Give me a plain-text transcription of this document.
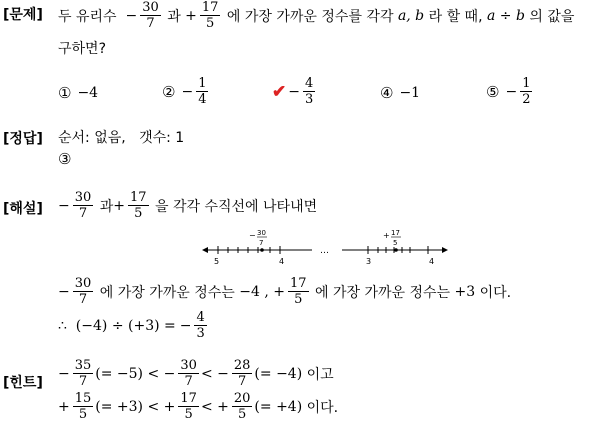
[문제] 두 유리수
− $\frac{30}{7}$
과
+ $\frac{17}{5}$
에 가장 가까운 정수를 각각
a, b
라 할 때,
a ÷ b
의 값을
구하면?
① −4	② − $\frac{1}{4}$	✔ − $\frac{4}{3}$	④ −1	⑤ − $\frac{1}{2}$
[정답] 순서: 없음,   갯수: 1
③
[해설] − $\frac{30}{7}$
과 + $\frac{17}{5}$
을 각각 수직선에 나타내면
5	4
− 30
7
…
3	4
+ 17
5
− $\frac{30}{7}$
에 가장 가까운 정수는
−4 ,
+ $\frac{17}{5}$
에 가장 가까운 정수는
+3
이다.
∴  (−4) ÷ (+3) = − $\frac{4}{3}$
[힌트]
− $\frac{35}{7}$ (= −5) <
− $\frac{30}{7}$ <
− $\frac{28}{7}$ (= −4)
이고
+ $\frac{15}{5}$ (= +3) <
+ $\frac{17}{5}$ <
+ $\frac{20}{5}$ (= +4)
이다.
